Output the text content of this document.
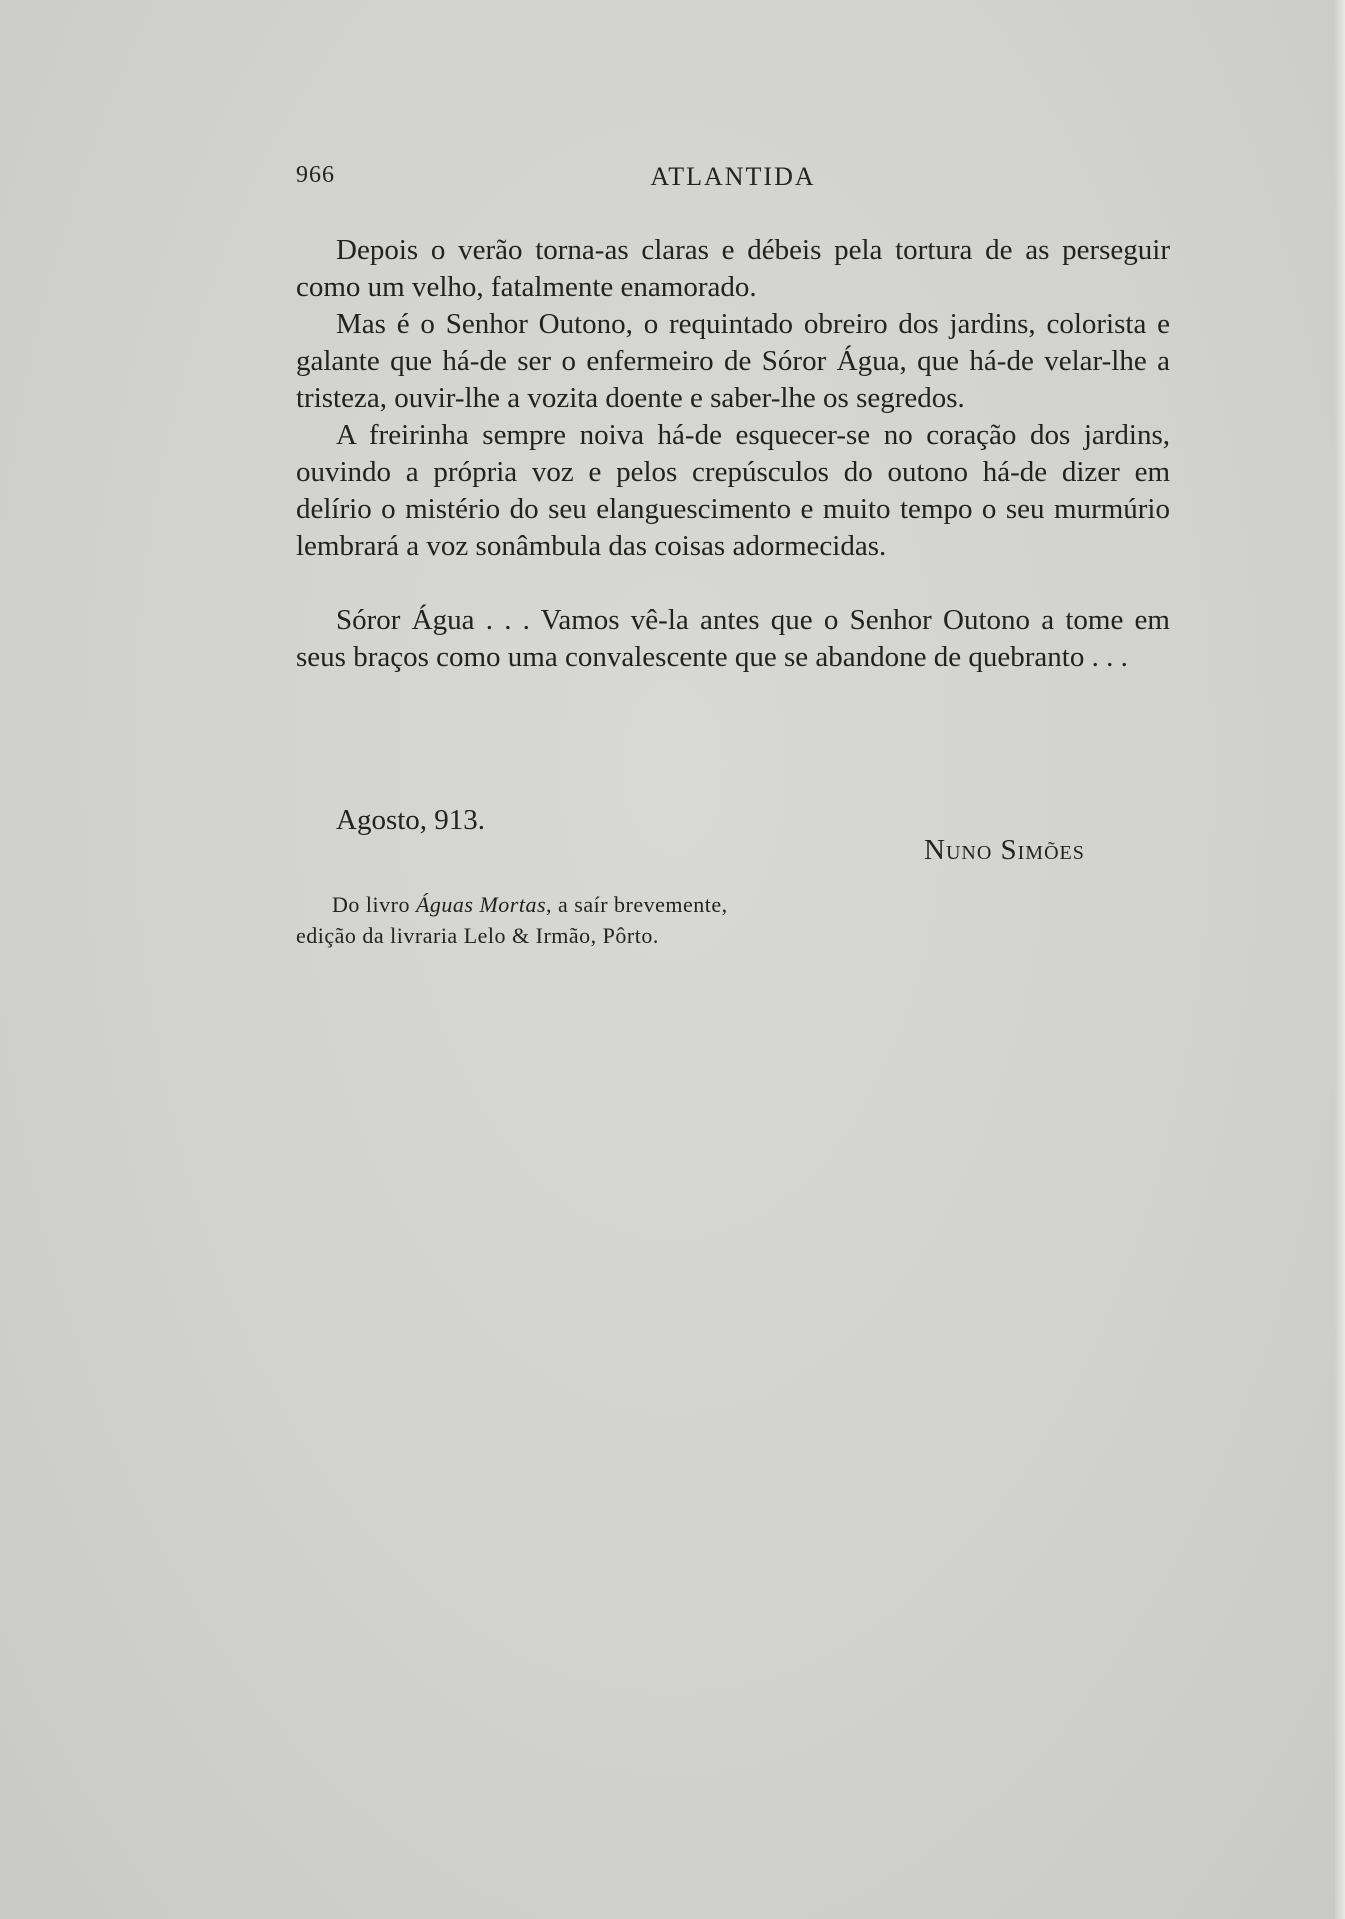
966	ATLANTIDA

Depois o verão torna-as claras e débeis pela tortura de as perseguir como um velho, fatalmente enamorado.

Mas é o Senhor Outono, o requintado obreiro dos jardins, colorista e galante que há-de ser o enfermeiro de Sóror Água, que há-de velar-lhe a tristeza, ouvir-lhe a vozita doente e saber-lhe os segredos.

A freirinha sempre noiva há-de esquecer-se no coração dos jardins, ouvindo a própria voz e pelos crepúsculos do outono há-de dizer em delírio o mistério do seu elanguescimento e muito tempo o seu murmúrio lembrará a voz sonâmbula das coisas adormecidas.

Sóror Água . . . Vamos vê-la antes que o Senhor Outono a tome em seus braços como uma convalescente que se abandone de quebranto . . .

Agosto, 913.
Nuno Simões
Do livro Águas Mortas, a saír brevemente,
edição da livraria Lelo & Irmão, Pôrto.
